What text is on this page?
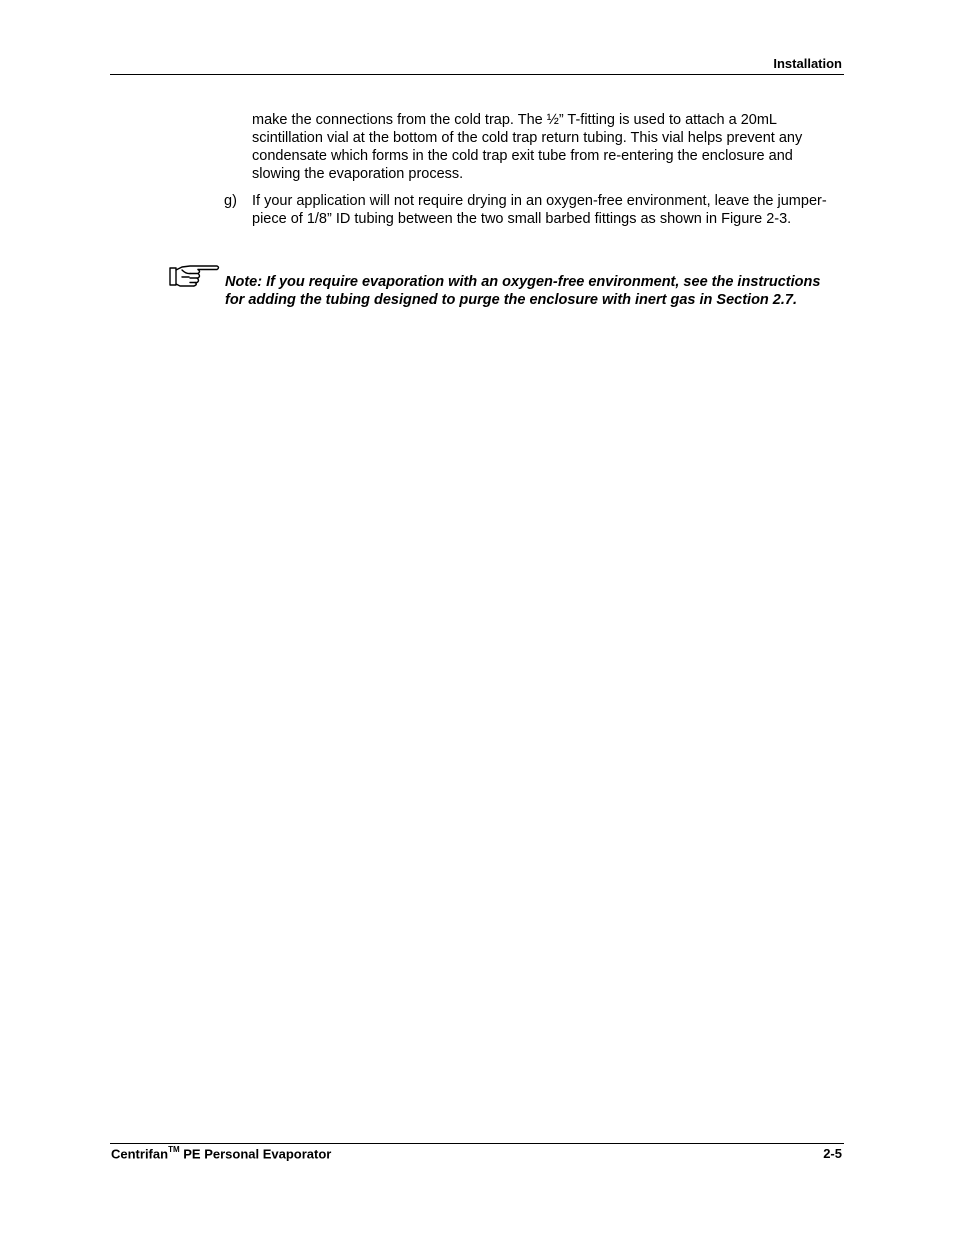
Installation
make the connections from the cold trap. The ½” T-fitting is used to attach a 20mL scintillation vial at the bottom of the cold trap return tubing. This vial helps prevent any condensate which forms in the cold trap exit tube from re-entering the enclosure and slowing the evaporation process.
g) If your application will not require drying in an oxygen-free environment, leave the jumper-piece of 1/8” ID tubing between the two small barbed fittings as shown in Figure 2-3.
Note: If you require evaporation with an oxygen-free environment, see the instructions for adding the tubing designed to purge the enclosure with inert gas in Section 2.7.
Centrifan™ PE Personal Evaporator	2-5
